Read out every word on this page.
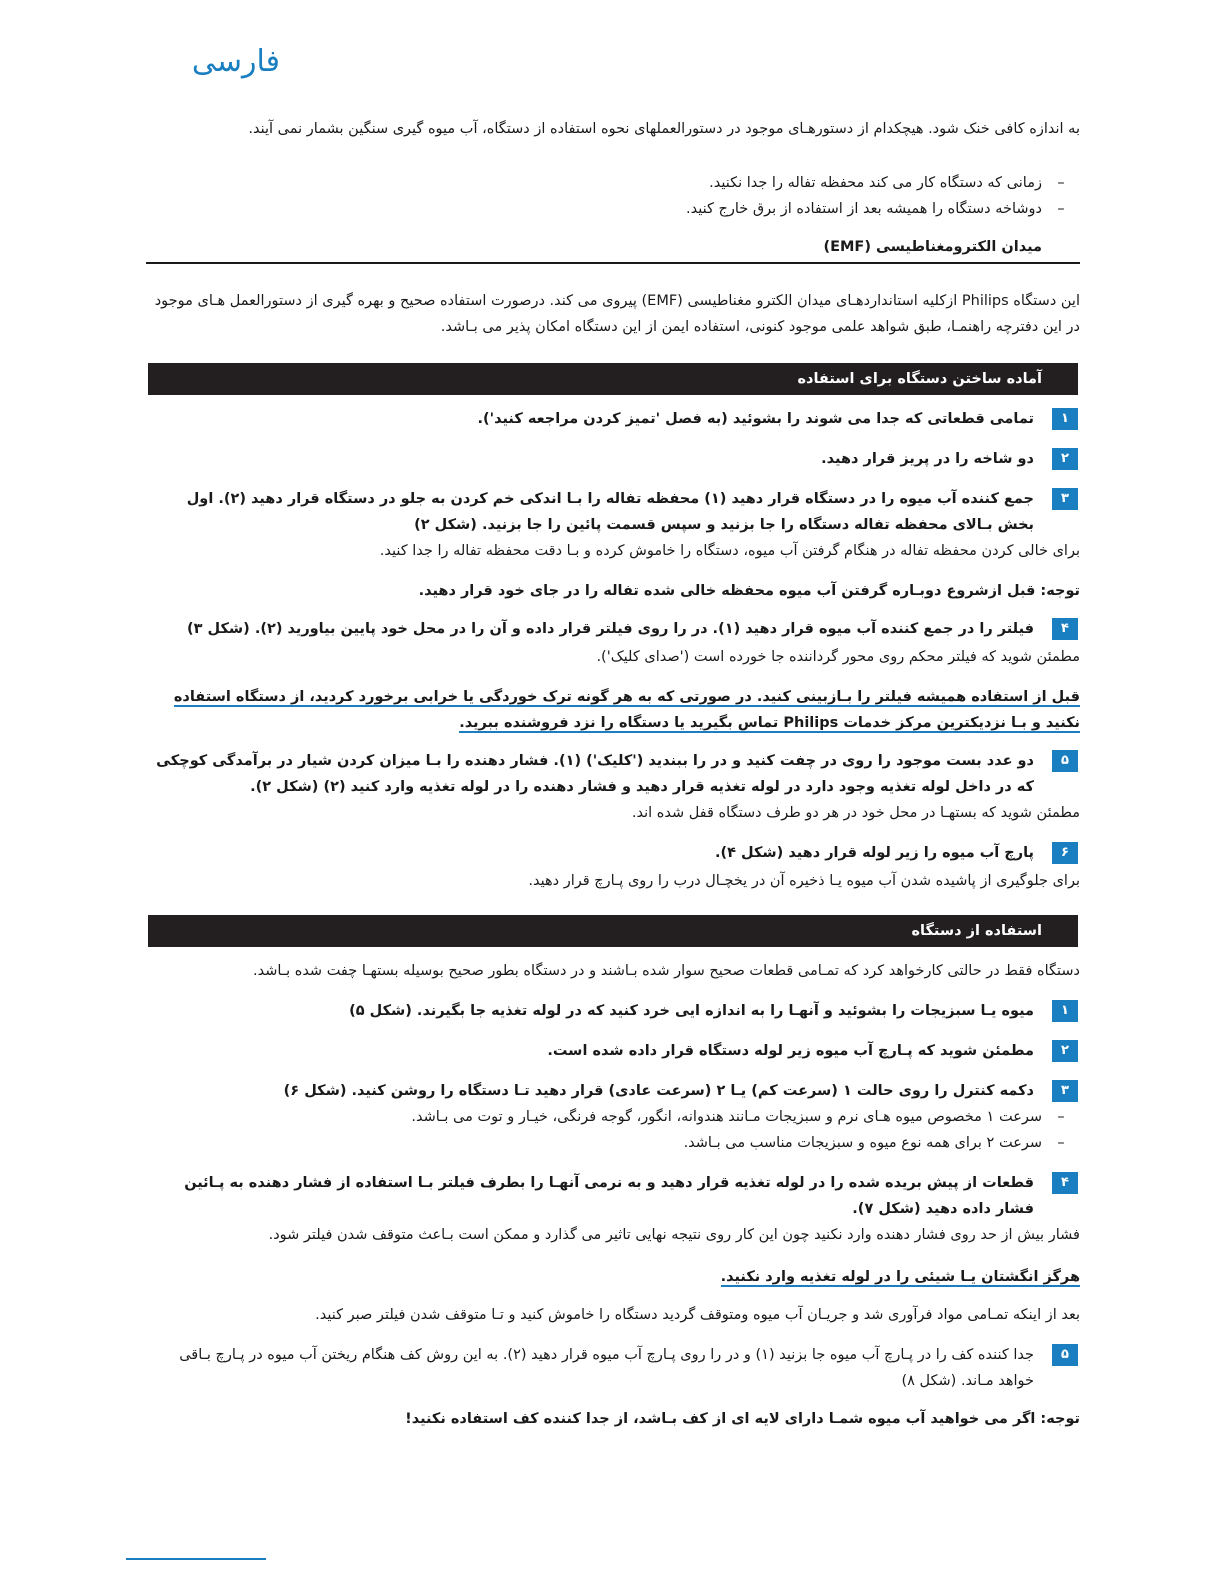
فارسی
به اندازه کافی خنک شود. هیچکدام از دستورهـای موجود در دستورالعملهای نحوه استفاده از دستگاه، آب میوه گیری سنگین بشمار نمی آیند.
–زمانی که دستگاه کار می کند محفظه تفاله را جدا نکنید.
–دوشاخه دستگاه را همیشه بعد از استفاده از برق خارج کنید.
میدان الکترومغناطیسی (EMF)
این دستگاه Philips ازکلیه استانداردهـای میدان الکترو مغناطیسی (EMF) پیروی می کند. درصورت استفاده صحیح و بهره گیری از دستورالعمل هـای موجود در این دفترچه راهنمـا، طبق شواهد علمی موجود کنونی، استفاده ایمن از این دستگاه امکان پذیر می بـاشد.
آماده ساختن دستگاه برای استفاده
۱
تمامی قطعاتی که جدا می شوند را بشوئید (به فصل 'تمیز کردن مراجعه کنید').
۲
دو شاخه را در پریز قرار دهید.
۳
جمع کننده آب میوه را در دستگاه قرار دهید (۱) محفظه تفاله را بـا اندکی خم کردن به جلو در دستگاه قرار دهید (۲). اول بخش بـالای محفظه تفاله دستگاه را جا بزنید و سپس قسمت پائین را جا بزنید. (شکل ۲)
برای خالی کردن محفظه تفاله در هنگام گرفتن آب میوه، دستگاه را خاموش کرده و بـا دقت محفظه تفاله را جدا کنید.
توجه: قبل ازشروع دوبـاره گرفتن آب میوه محفظه خالی شده تفاله را در جای خود قرار دهید.
۴
فیلتر را در جمع کننده آب میوه قرار دهید (۱). در را روی فیلتر قرار داده و آن را در محل خود پایین بیاورید (۲). (شکل ۳)
مطمئن شوید که فیلتر محکم روی محور گرداننده جا خورده است ('صدای کلیک').
قبل از استفاده همیشه فیلتر را بـازبینی کنید. در صورتی که به هر گونه ترک خوردگی یا خرابی برخورد کردید، از دستگاه استفاده نکنید و بـا نزدیکترین مرکز خدمات Philips تماس بگیرید یا دستگاه را نزد فروشنده ببرید.
۵
دو عدد بست موجود را روی در چفت کنید و در را ببندید ('کلیک') (۱). فشار دهنده را بـا میزان کردن شیار در برآمدگی کوچکی که در داخل لوله تغذیه وجود دارد در لوله تغذیه قرار دهید و فشار دهنده را در لوله تغذیه وارد کنید (۲) (شکل ۲).
مطمئن شوید که بستهـا در محل خود در هر دو طرف دستگاه قفل شده اند.
۶
پارچ آب میوه را زیر لوله قرار دهید (شکل ۴).
برای جلوگیری از پاشیده شدن آب میوه یـا ذخیره آن در یخچـال درب را روی پـارچ قرار دهید.
استفاده از دستگاه
دستگاه فقط در حالتی کارخواهد کرد که تمـامی قطعات صحیح سوار شده بـاشند و در دستگاه بطور صحیح بوسیله بستهـا چفت شده بـاشد.
۱
میوه یـا سبزیجات را بشوئید و آنهـا را به اندازه ایی خرد کنید که در لوله تغذیه جا بگیرند. (شکل ۵)
۲
مطمئن شوید که پـارچ آب میوه زیر لوله دستگاه قرار داده شده است.
۳
دکمه کنترل را روی حالت ۱ (سرعت کم) یـا ۲ (سرعت عادی) قرار دهید تـا دستگاه را روشن کنید. (شکل ۶)
–سرعت ۱ مخصوص میوه هـای نرم و سبزیجات مـانند هندوانه، انگور، گوجه فرنگی، خیـار و توت می بـاشد.
–سرعت ۲ برای همه نوع میوه و سبزیجات مناسب می بـاشد.
۴
قطعات از پیش بریده شده را در لوله تغذیه قرار دهید و به نرمی آنهـا را بطرف فیلتر بـا استفاده از فشار دهنده به پـائین فشار داده دهید (شکل ۷).
فشار بیش از حد روی فشار دهنده وارد نکنید چون این کار روی نتیجه نهایی تاثیر می گذارد و ممکن است بـاعث متوقف شدن فیلتر شود.
هرگز انگشتان یـا شیئی را در لوله تغذیه وارد نکنید.
بعد از اینکه تمـامی مواد فرآوری شد و جریـان آب میوه ومتوقف گردید دستگاه را خاموش کنید و تـا متوقف شدن فیلتر صبر کنید.
۵
جدا کننده کف را در پـارچ آب میوه جا بزنید (۱) و در را روی پـارچ آب میوه قرار دهید (۲). به این روش کف هنگام ریختن آب میوه در پـارچ بـاقی خواهد مـاند. (شکل ۸)
توجه: اگر می خواهید آب میوه شمـا دارای لایه ای از کف بـاشد، از جدا کننده کف استفاده نکنید!
